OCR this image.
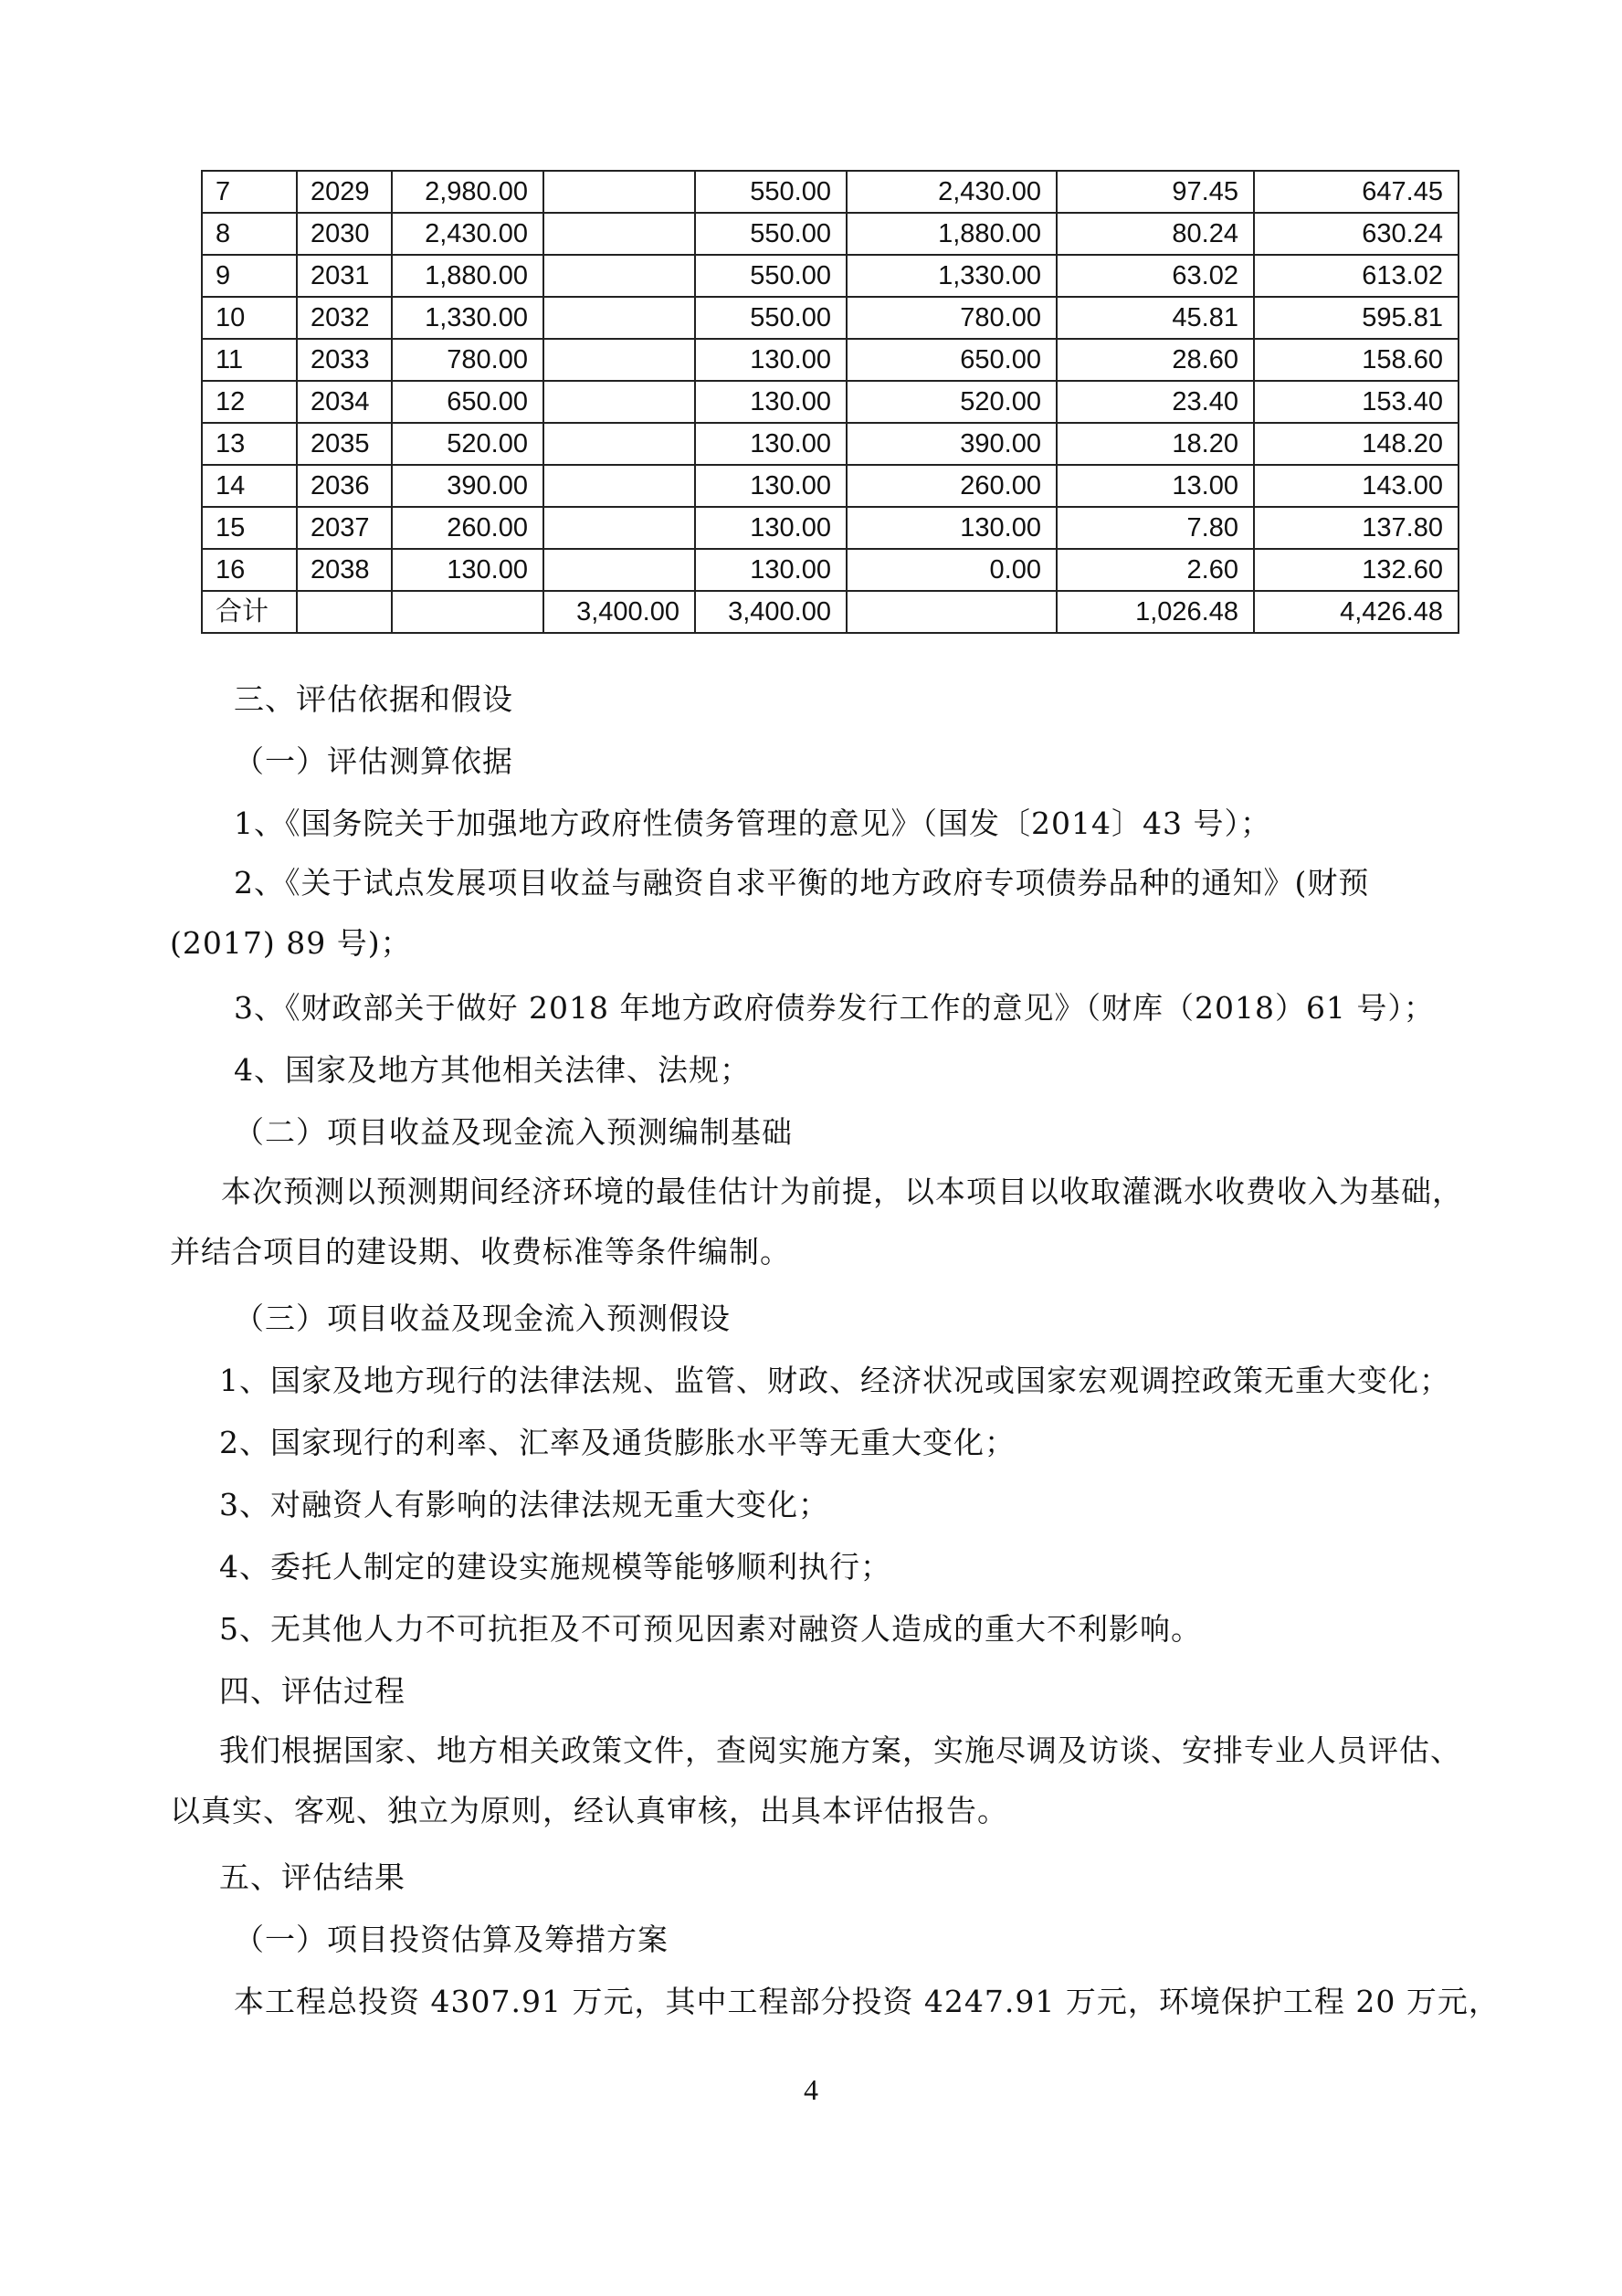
7	2029	2,980.00		550.00	2,430.00	97.45	647.45
8	2030	2,430.00		550.00	1,880.00	80.24	630.24
9	2031	1,880.00		550.00	1,330.00	63.02	613.02
10	2032	1,330.00		550.00	780.00	45.81	595.81
11	2033	780.00		130.00	650.00	28.60	158.60
12	2034	650.00		130.00	520.00	23.40	153.40
13	2035	520.00		130.00	390.00	18.20	148.20
14	2036	390.00		130.00	260.00	13.00	143.00
15	2037	260.00		130.00	130.00	7.80	137.80
16	2038	130.00		130.00	0.00	2.60	132.60
合计			3,400.00	3,400.00		1,026.48	4,426.48
三、评估依据和假设
（一）评估测算依据
1、《国务院关于加强地方政府性债务管理的意见》（国发〔2014〕43 号）；
2、《关于试点发展项目收益与融资自求平衡的地方政府专项债券品种的通知》(财预(2017) 89 号)；
3、《财政部关于做好 2018 年地方政府债券发行工作的意见》（财库（2018）61 号）；
4、国家及地方其他相关法律、法规；
（二）项目收益及现金流入预测编制基础
本次预测以预测期间经济环境的最佳估计为前提，以本项目以收取灌溉水收费收入为基础，并结合项目的建设期、收费标准等条件编制。
（三）项目收益及现金流入预测假设
1、国家及地方现行的法律法规、监管、财政、经济状况或国家宏观调控政策无重大变化；
2、国家现行的利率、汇率及通货膨胀水平等无重大变化；
3、对融资人有影响的法律法规无重大变化；
4、委托人制定的建设实施规模等能够顺利执行；
5、无其他人力不可抗拒及不可预见因素对融资人造成的重大不利影响。
四、评估过程
我们根据国家、地方相关政策文件，查阅实施方案，实施尽调及访谈、安排专业人员评估、以真实、客观、独立为原则，经认真审核，出具本评估报告。
五、评估结果
（一）项目投资估算及筹措方案
本工程总投资 4307.91 万元，其中工程部分投资 4247.91 万元，环境保护工程 20 万元，
4
